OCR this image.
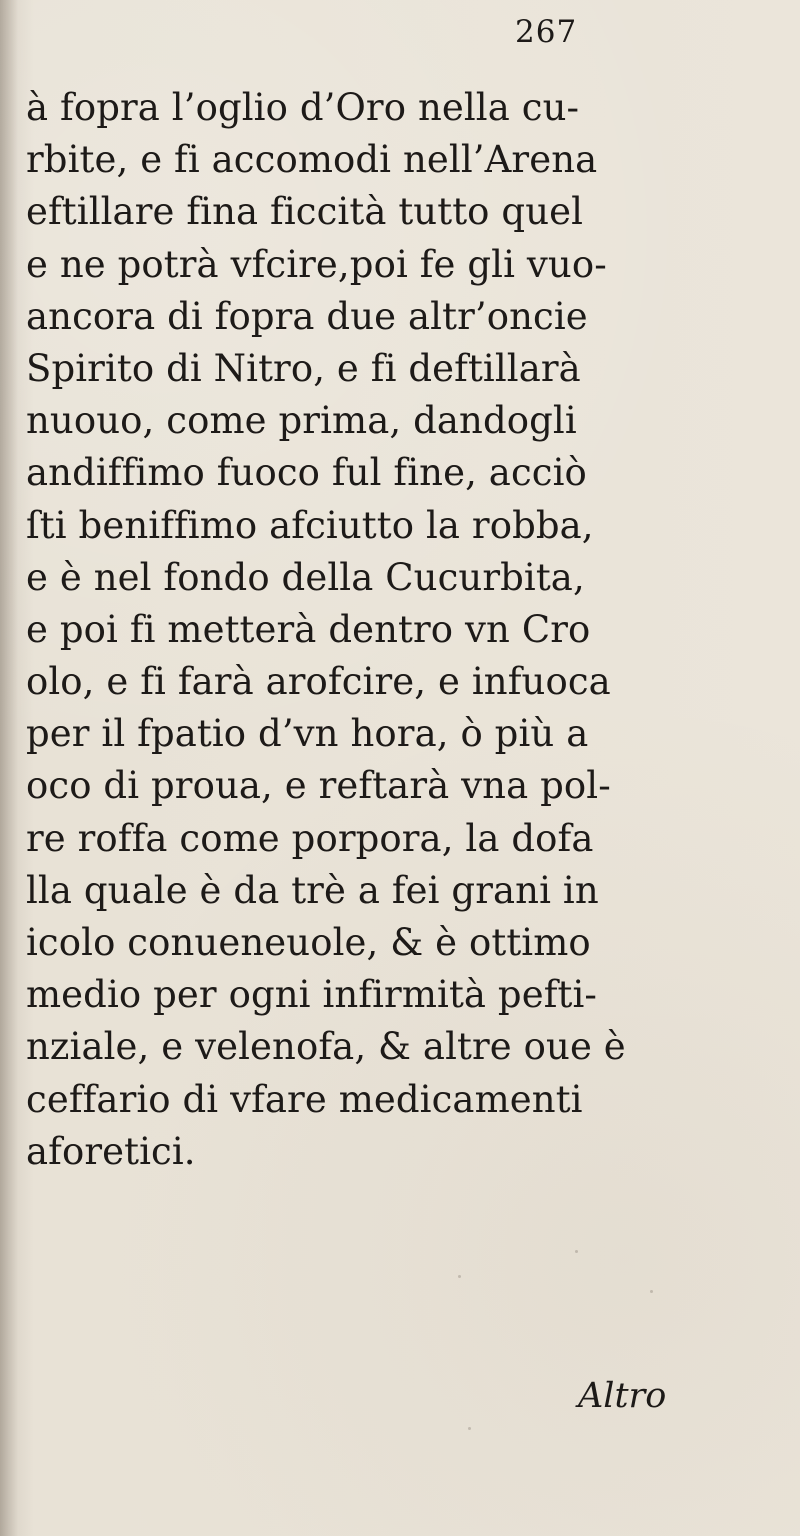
267
à fopra l’oglio d’Oro nella cu-
rbite, e fi accomodi nell’Arena
eftillare fina ficcità tutto quel
e ne potrà vfcire,poi fe gli vuo-
ancora di fopra due altr’oncie
Spirito di Nitro, e fi deftillarà
nuouo, come prima, dandogli
andiffimo fuoco ful fine, acciò
ſti beniffimo afciutto la robba,
e è nel fondo della Cucurbita,
e poi fi metterà dentro vn Cro
olo, e fi farà arofcire, e infuoca
per il fpatio d’vn hora, ò più a
oco di proua, e reftarà vna pol-
re roffa come porpora, la dofa
lla quale è da trè a fei grani in
icolo conueneuole, & è ottimo
medio per ogni infirmità pefti-
nziale, e velenofa, & altre oue è
ceffario di vfare medicamenti
aforetici.
Altro
